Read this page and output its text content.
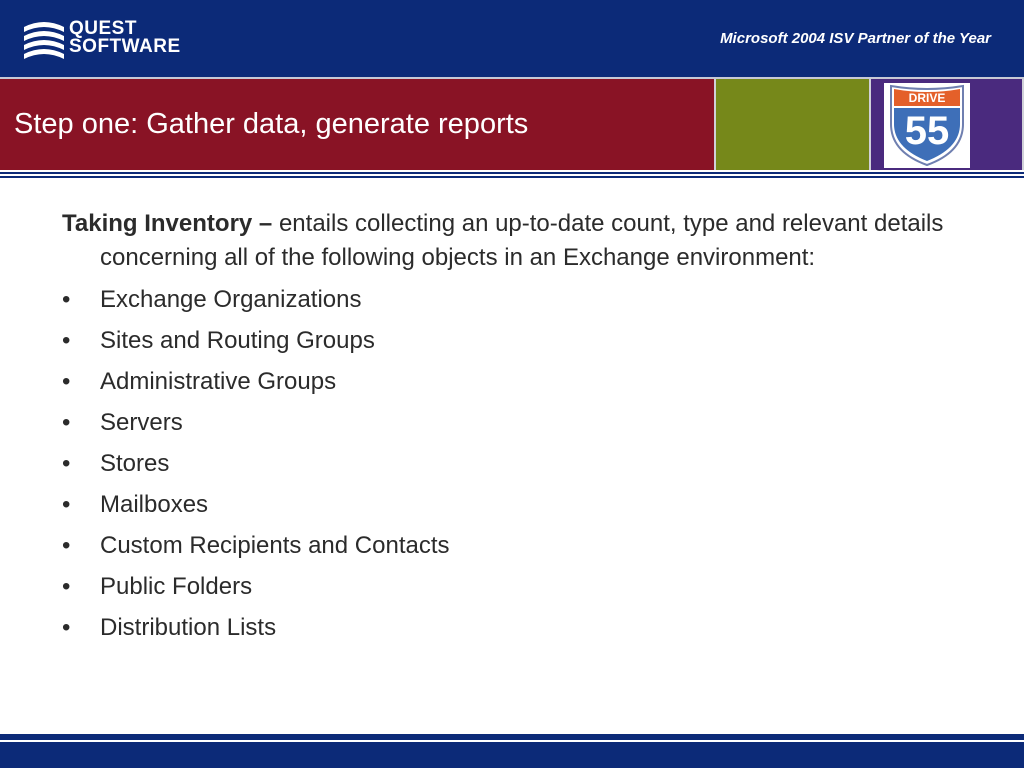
QUEST
SOFTWARE	Microsoft 2004 ISV Partner of the Year
Step one: Gather data, generate reports
DRIVE
55

Taking Inventory – entails collecting an up-to-date count, type and relevant details concerning all of the following objects in an Exchange environment:

• Exchange Organizations
• Sites and Routing Groups
• Administrative Groups
• Servers
• Stores
• Mailboxes
• Custom Recipients and Contacts
• Public Folders
• Distribution Lists
